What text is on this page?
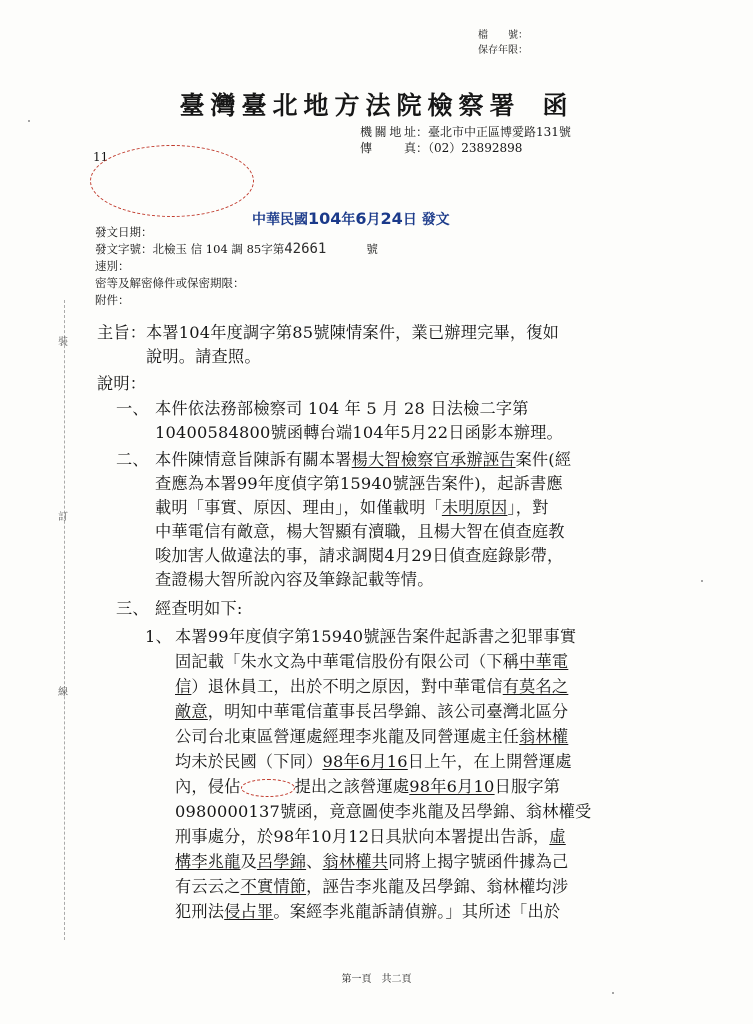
檔　　號：
保存年限：
臺灣臺北地方法院檢察署 函
機關地址：臺北市中正區博愛路131號
傳　真：（02）23892898
11
中華民國104年6月24日 發文
發文日期：
發文字號：北檢玉 信 104 調 85字第42661	號
速別：
密等及解密條件或保密期限：
附件：
裝
訂
線
主旨： 本署104年度調字第85號陳情案件，業已辦理完畢，復如
說明。請查照。
說明：
一、 本件依法務部檢察司 104 年 5 月 28 日法檢二字第
10400584800號函轉台端104年5月22日函影本辦理。
二、 本件陳情意旨陳訴有關本署楊大智檢察官承辦誣告案件(經
查應為本署99年度偵字第15940號誣告案件)，起訴書應
載明「事實、原因、理由」，如僅載明「未明原因」，對
中華電信有敵意，楊大智顯有瀆職，且楊大智在偵查庭教
唆加害人做違法的事，請求調閱4月29日偵查庭錄影帶，
查證楊大智所說內容及筆錄記載等情。
三、 經查明如下:
1、 本署99年度偵字第15940號誣告案件起訴書之犯罪事實
固記載「朱水文為中華電信股份有限公司（下稱中華電
信）退休員工，出於不明之原因，對中華電信有莫名之
敵意，明知中華電信董事長呂學錦、該公司臺灣北區分
公司台北東區營運處經理李兆龍及同營運處主任翁林權
均未於民國（下同）98年6月16日上午，在上開營運處
內，侵佔	提出之該營運處98年6月10日服字第
0980000137號函，竟意圖使李兆龍及呂學錦、翁林權受
刑事處分，於98年10月12日具狀向本署提出告訴，虛
構李兆龍及呂學錦、翁林權共同將上揭字號函件據為己
有云云之不實情節，誣告李兆龍及呂學錦、翁林權均涉
犯刑法侵占罪。案經李兆龍訴請偵辦。」其所述「出於
第一頁　共二頁
